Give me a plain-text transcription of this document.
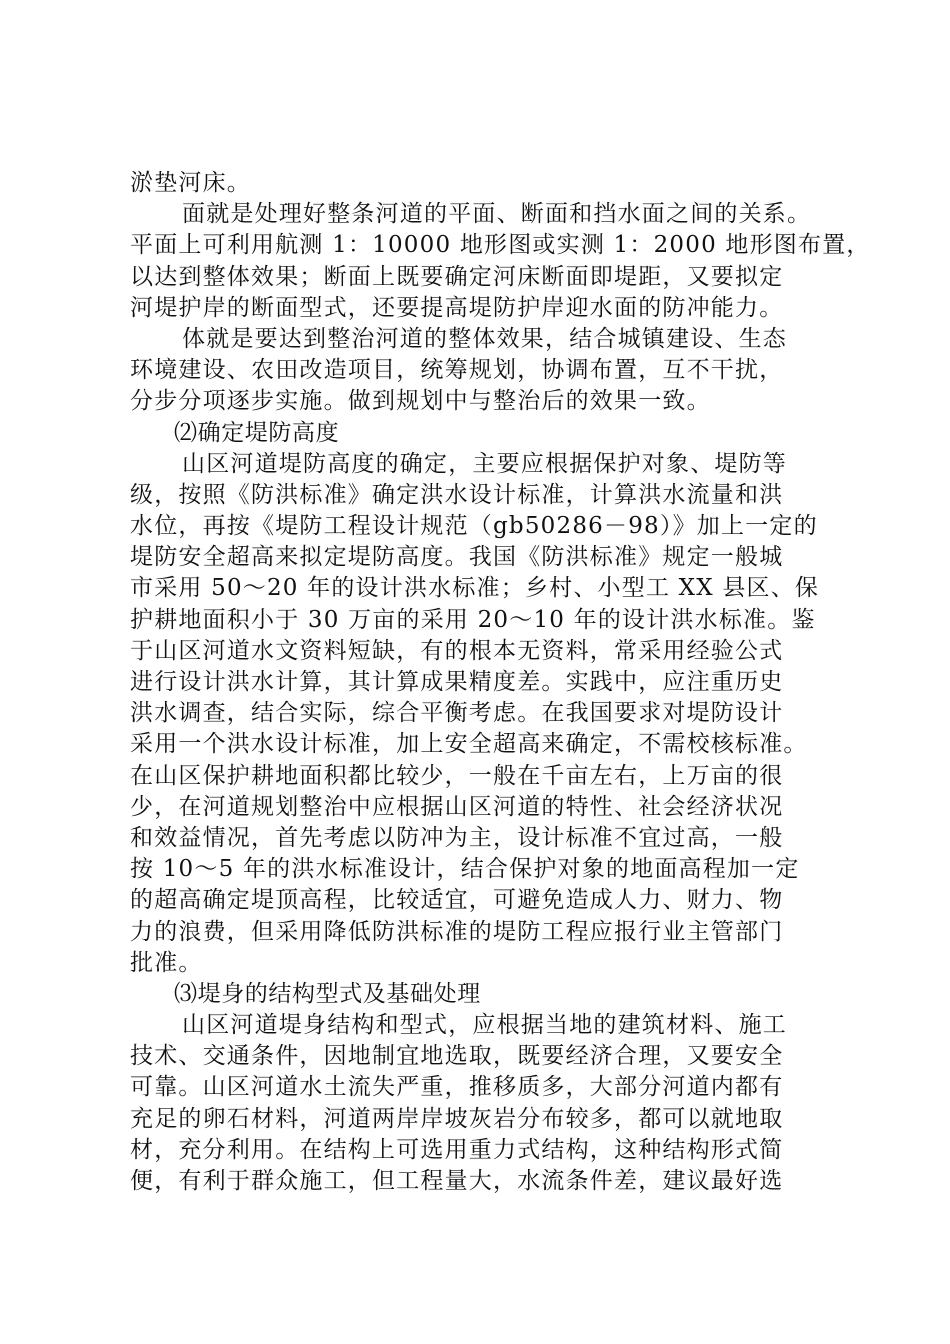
淤垫河床。
面就是处理好整条河道的平面、断面和挡水面之间的关系。
平面上可利用航测 1：10000 地形图或实测 1：2000 地形图布置，
以达到整体效果；断面上既要确定河床断面即堤距，又要拟定
河堤护岸的断面型式，还要提高堤防护岸迎水面的防冲能力。
体就是要达到整治河道的整体效果，结合城镇建设、生态
环境建设、农田改造项目，统筹规划，协调布置，互不干扰，
分步分项逐步实施。做到规划中与整治后的效果一致。
⑵确定堤防高度
山区河道堤防高度的确定，主要应根据保护对象、堤防等
级，按照《防洪标准》确定洪水设计标准，计算洪水流量和洪
水位，再按《堤防工程设计规范（gb50286－98）》加上一定的
堤防安全超高来拟定堤防高度。我国《防洪标准》规定一般城
市采用 50～20 年的设计洪水标准；乡村、小型工 XX 县区、保
护耕地面积小于 30 万亩的采用 20～10 年的设计洪水标准。鉴
于山区河道水文资料短缺，有的根本无资料，常采用经验公式
进行设计洪水计算，其计算成果精度差。实践中，应注重历史
洪水调查，结合实际，综合平衡考虑。在我国要求对堤防设计
采用一个洪水设计标准，加上安全超高来确定，不需校核标准。
在山区保护耕地面积都比较少，一般在千亩左右，上万亩的很
少，在河道规划整治中应根据山区河道的特性、社会经济状况
和效益情况，首先考虑以防冲为主，设计标准不宜过高，一般
按 10～5 年的洪水标准设计，结合保护对象的地面高程加一定
的超高确定堤顶高程，比较适宜，可避免造成人力、财力、物
力的浪费，但采用降低防洪标准的堤防工程应报行业主管部门
批准。
⑶堤身的结构型式及基础处理
山区河道堤身结构和型式，应根据当地的建筑材料、施工
技术、交通条件，因地制宜地选取，既要经济合理，又要安全
可靠。山区河道水土流失严重，推移质多，大部分河道内都有
充足的卵石材料，河道两岸岸坡灰岩分布较多，都可以就地取
材，充分利用。在结构上可选用重力式结构，这种结构形式简
便，有利于群众施工，但工程量大，水流条件差，建议最好选
